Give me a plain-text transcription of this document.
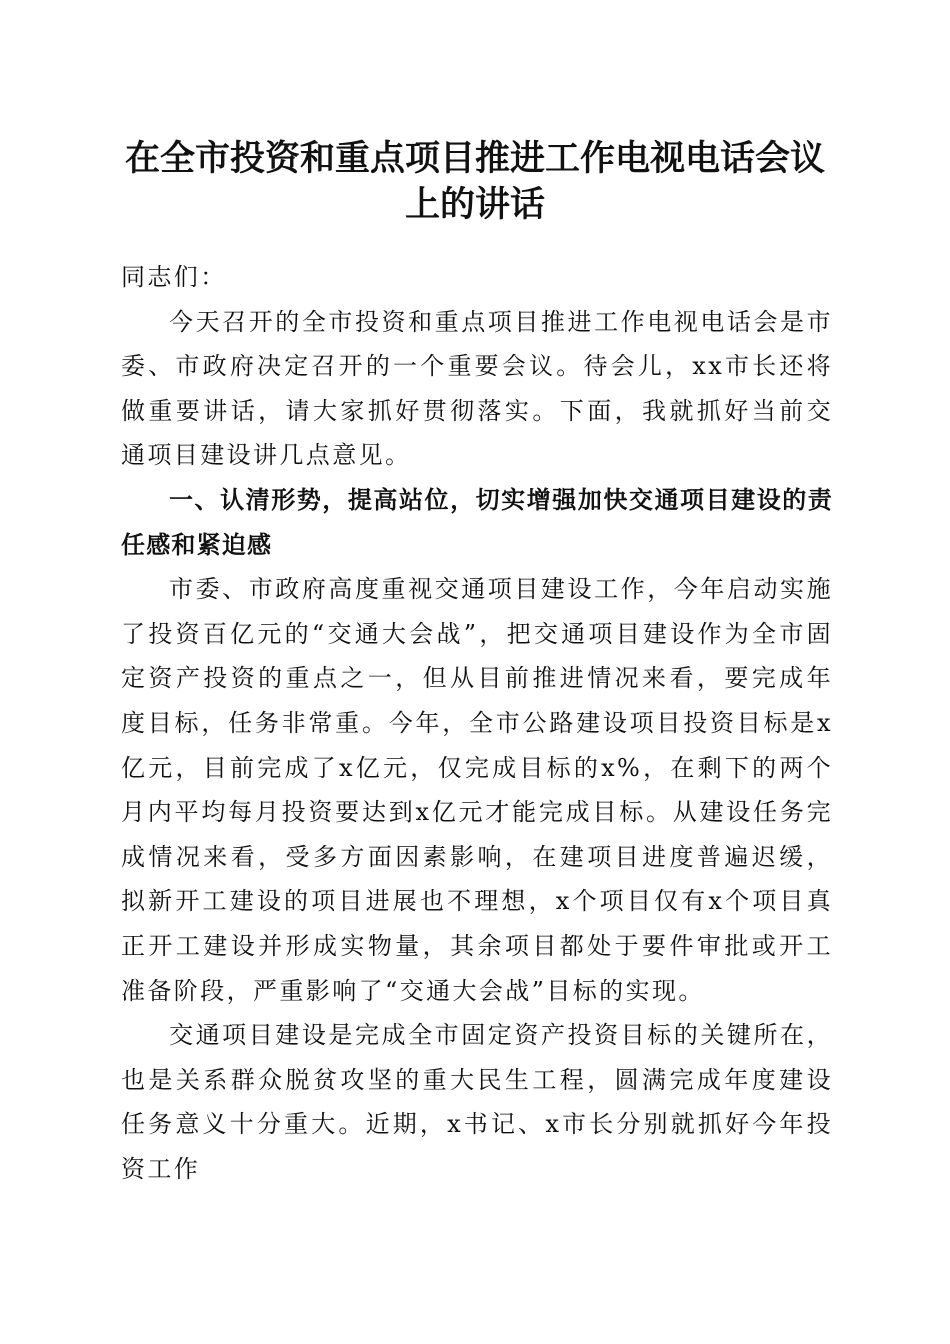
在全市投资和重点项目推进工作电视电话会议
上的讲话

同志们：

今天召开的全市投资和重点项目推进工作电视电话会是市委、市政府决定召开的一个重要会议。待会儿，xx市长还将做重要讲话，请大家抓好贯彻落实。下面，我就抓好当前交通项目建设讲几点意见。

一、认清形势，提高站位，切实增强加快交通项目建设的责任感和紧迫感

市委、市政府高度重视交通项目建设工作，今年启动实施了投资百亿元的“交通大会战”，把交通项目建设作为全市固定资产投资的重点之一，但从目前推进情况来看，要完成年度目标，任务非常重。今年，全市公路建设项目投资目标是x亿元，目前完成了x亿元，仅完成目标的x%，在剩下的两个月内平均每月投资要达到x亿元才能完成目标。从建设任务完成情况来看，受多方面因素影响，在建项目进度普遍迟缓，拟新开工建设的项目进展也不理想，x个项目仅有x个项目真正开工建设并形成实物量，其余项目都处于要件审批或开工准备阶段，严重影响了“交通大会战”目标的实现。

交通项目建设是完成全市固定资产投资目标的关键所在，也是关系群众脱贫攻坚的重大民生工程，圆满完成年度建设任务意义十分重大。近期，x书记、x市长分别就抓好今年投资工作
